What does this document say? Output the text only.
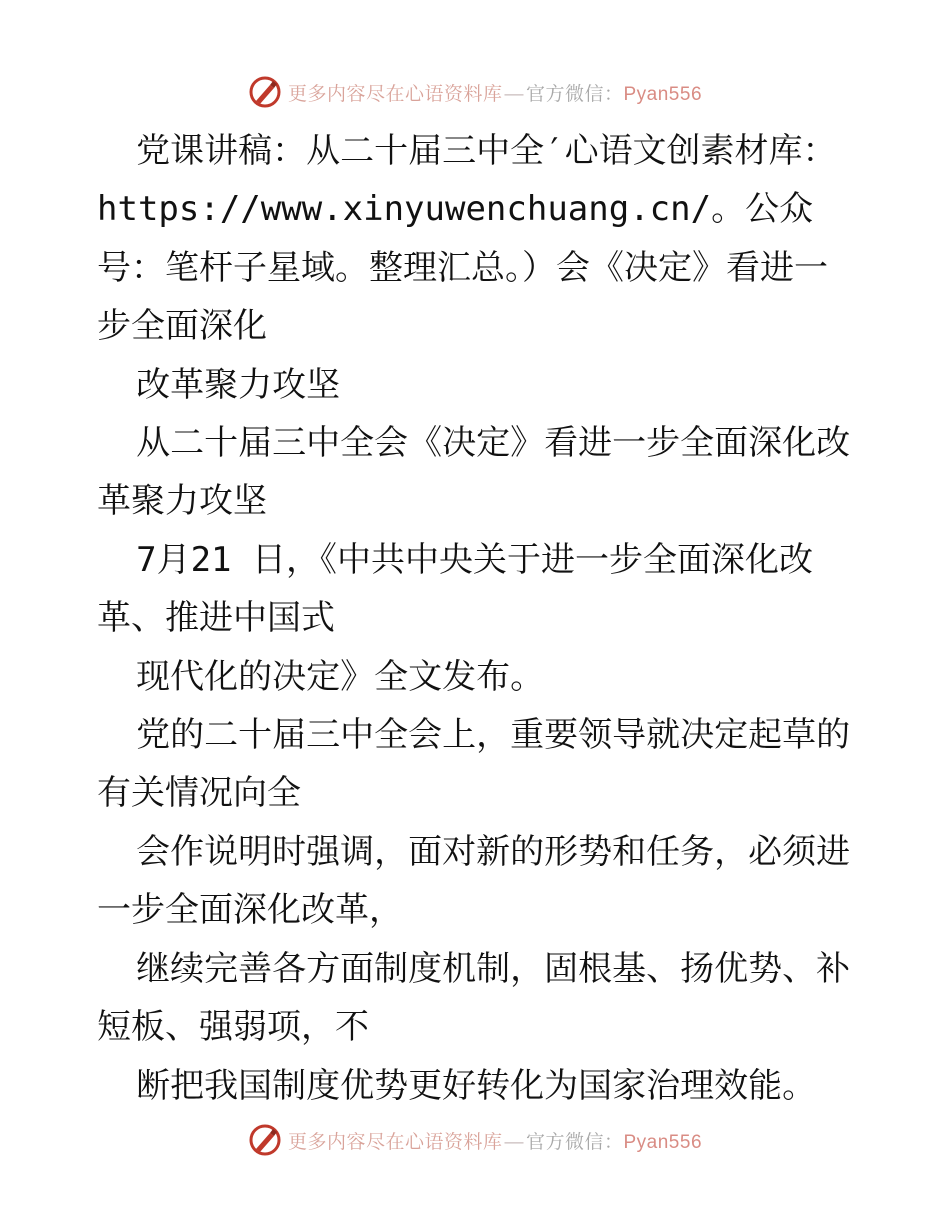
更多内容尽在心语资料库 — 官方微信：Pyan556

党课讲稿：从二十届三中全′心语文创素材库：https://www.xinyuwenchuang.cn/。公众号：笔杆子星域。整理汇总。）会《决定》看进一步全面深化

改革聚力攻坚

从二十届三中全会《决定》看进一步全面深化改革聚力攻坚

7月21 日，《中共中央关于进一步全面深化改革、推进中国式

现代化的决定》全文发布。

党的二十届三中全会上，重要领导就决定起草的有关情况向全

会作说明时强调，面对新的形势和任务，必须进一步全面深化改革，

继续完善各方面制度机制，固根基、扬优势、补短板、强弱项，不

断把我国制度优势更好转化为国家治理效能。

更多内容尽在心语资料库 — 官方微信：Pyan556
